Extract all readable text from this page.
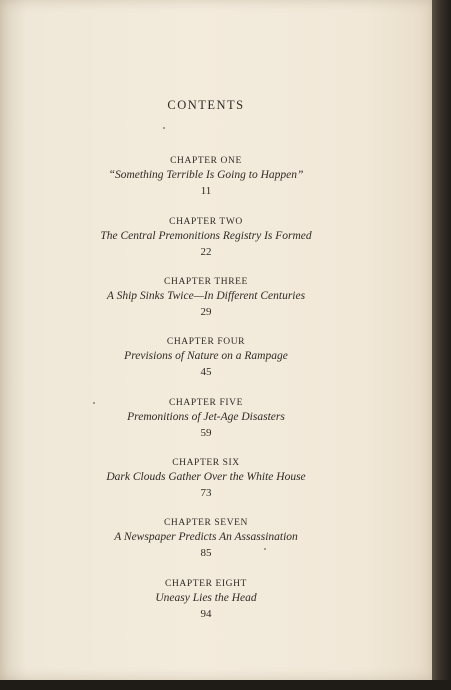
CONTENTS
CHAPTER ONE
“Something Terrible Is Going to Happen”
11
CHAPTER TWO
The Central Premonitions Registry Is Formed
22
CHAPTER THREE
A Ship Sinks Twice—In Different Centuries
29
CHAPTER FOUR
Previsions of Nature on a Rampage
45
CHAPTER FIVE
Premonitions of Jet-Age Disasters
59
CHAPTER SIX
Dark Clouds Gather Over the White House
73
CHAPTER SEVEN
A Newspaper Predicts An Assassination
85
CHAPTER EIGHT
Uneasy Lies the Head
94
